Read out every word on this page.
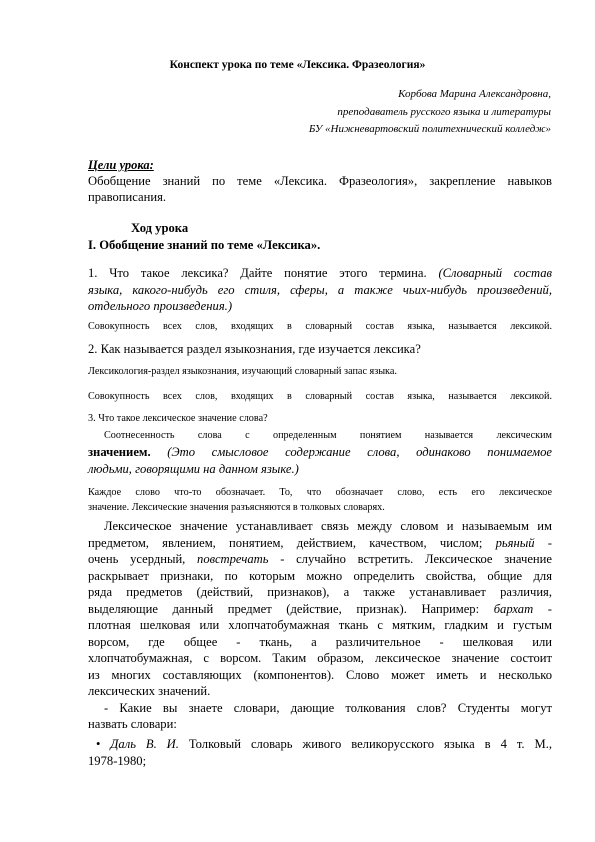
Конспект урока по теме «Лексика. Фразеология»
Корбова Марина Александровна,
преподаватель русского языка и литературы
БУ «Нижневартовский политехнический колледж»
Цели урока:
Обобщение знаний по теме «Лексика. Фразеология», закрепление навыков
правописания.
Ход урока
I. Обобщение знаний по теме «Лексика».
1. Что такое лексика? Дайте понятие этого термина. (Словарный состав
языка, какого-нибудь его стиля, сферы, а также чьих-нибудь произведений,
отдельного произведения.)
Совокупность всех слов, входящих в словарный состав языка, называется лексикой.
2. Как называется раздел языкознания, где изучается лексика?
Лексикология-раздел языкознания, изучающий словарный запас языка.
Совокупность всех слов, входящих в словарный состав языка, называется лексикой.
3. Что такое лексическое значение слова?
Соотнесенность слова с определенным понятием называется лексическим
значением. (Это смысловое содержание слова, одинаково понимаемое
людьми, говорящими на данном языке.)
Каждое слово что-то обозначает. То, что обозначает слово, есть его лексическое
значение. Лексические значения разъясняются в толковых словарях.
Лексическое значение устанавливает связь между словом и называемым им
предметом, явлением, понятием, действием, качеством, числом; рьяный -
очень усердный, повстречать - случайно встретить. Лексическое значение
раскрывает признаки, по которым можно определить свойства, общие для
ряда предметов (действий, признаков), а также устанавливает различия,
выделяющие данный предмет (действие, признак). Например: бархат -
плотная шелковая или хлопчатобумажная ткань с мятким, гладким и густым
ворсом, где общее - ткань, а различительное - шелковая или
хлопчатобумажная, с ворсом. Таким образом, лексическое значение состоит
из многих составляющих (компонентов). Слово может иметь и несколько
лексических значений.
- Какие вы знаете словари, дающие толкования слов? Студенты могут
назвать словари:
• Даль В. И. Толковый словарь живого великорусского языка в 4 т. М.,
1978-1980;
